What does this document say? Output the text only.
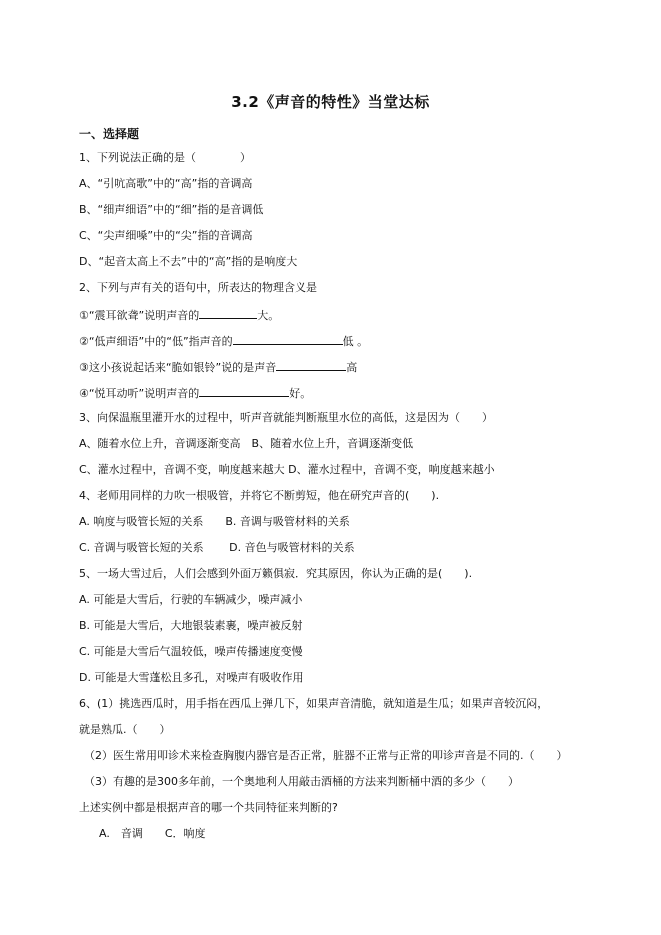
3.2《声音的特性》当堂达标
一、选择题
1、下列说法正确的是（　　　　）
A、“引吭高歌”中的“高”指的音调高
B、“细声细语”中的“细”指的是音调低
C、“尖声细嗓”中的“尖”指的音调高
D、“起音太高上不去”中的“高”指的是响度大
2、下列与声有关的语句中，所表达的物理含义是
①“震耳欲聋”说明声音的	大。
②“低声细语”中的“低”指声音的	低 。
③这小孩说起话来“脆如银铃”说的是声音	高
④“悦耳动听”说明声音的	好。
3、向保温瓶里灌开水的过程中，听声音就能判断瓶里水位的高低，这是因为（　　）
A、随着水位上升，音调逐渐变高　B、随着水位上升，音调逐渐变低
C、灌水过程中，音调不变，响度越来越大 D、灌水过程中，音调不变，响度越来越小
4、老师用同样的力吹一根吸管，并将它不断剪短，他在研究声音的(　　).
A. 响度与吸管长短的关系　　B. 音调与吸管材料的关系
C. 音调与吸管长短的关系　　 D. 音色与吸管材料的关系
5、一场大雪过后，人们会感到外面万籁俱寂．究其原因，你认为正确的是(　　).
A. 可能是大雪后，行驶的车辆减少，噪声减小
B. 可能是大雪后，大地银装素裹，噪声被反射
C. 可能是大雪后气温较低，噪声传播速度变慢
D. 可能是大雪蓬松且多孔，对噪声有吸收作用
6、(1）挑选西瓜时，用手指在西瓜上弹几下，如果声音清脆，就知道是生瓜；如果声音较沉闷，
就是熟瓜.（　　）
（2）医生常用叩诊术来检查胸腹内器官是否正常，脏器不正常与正常的叩诊声音是不同的.（　　）
（3）有趣的是300多年前，一个奥地利人用敲击酒桶的方法来判断桶中酒的多少（　　）
上述实例中都是根据声音的哪一个共同特征来判断的?
A.　音调　　C．响度
